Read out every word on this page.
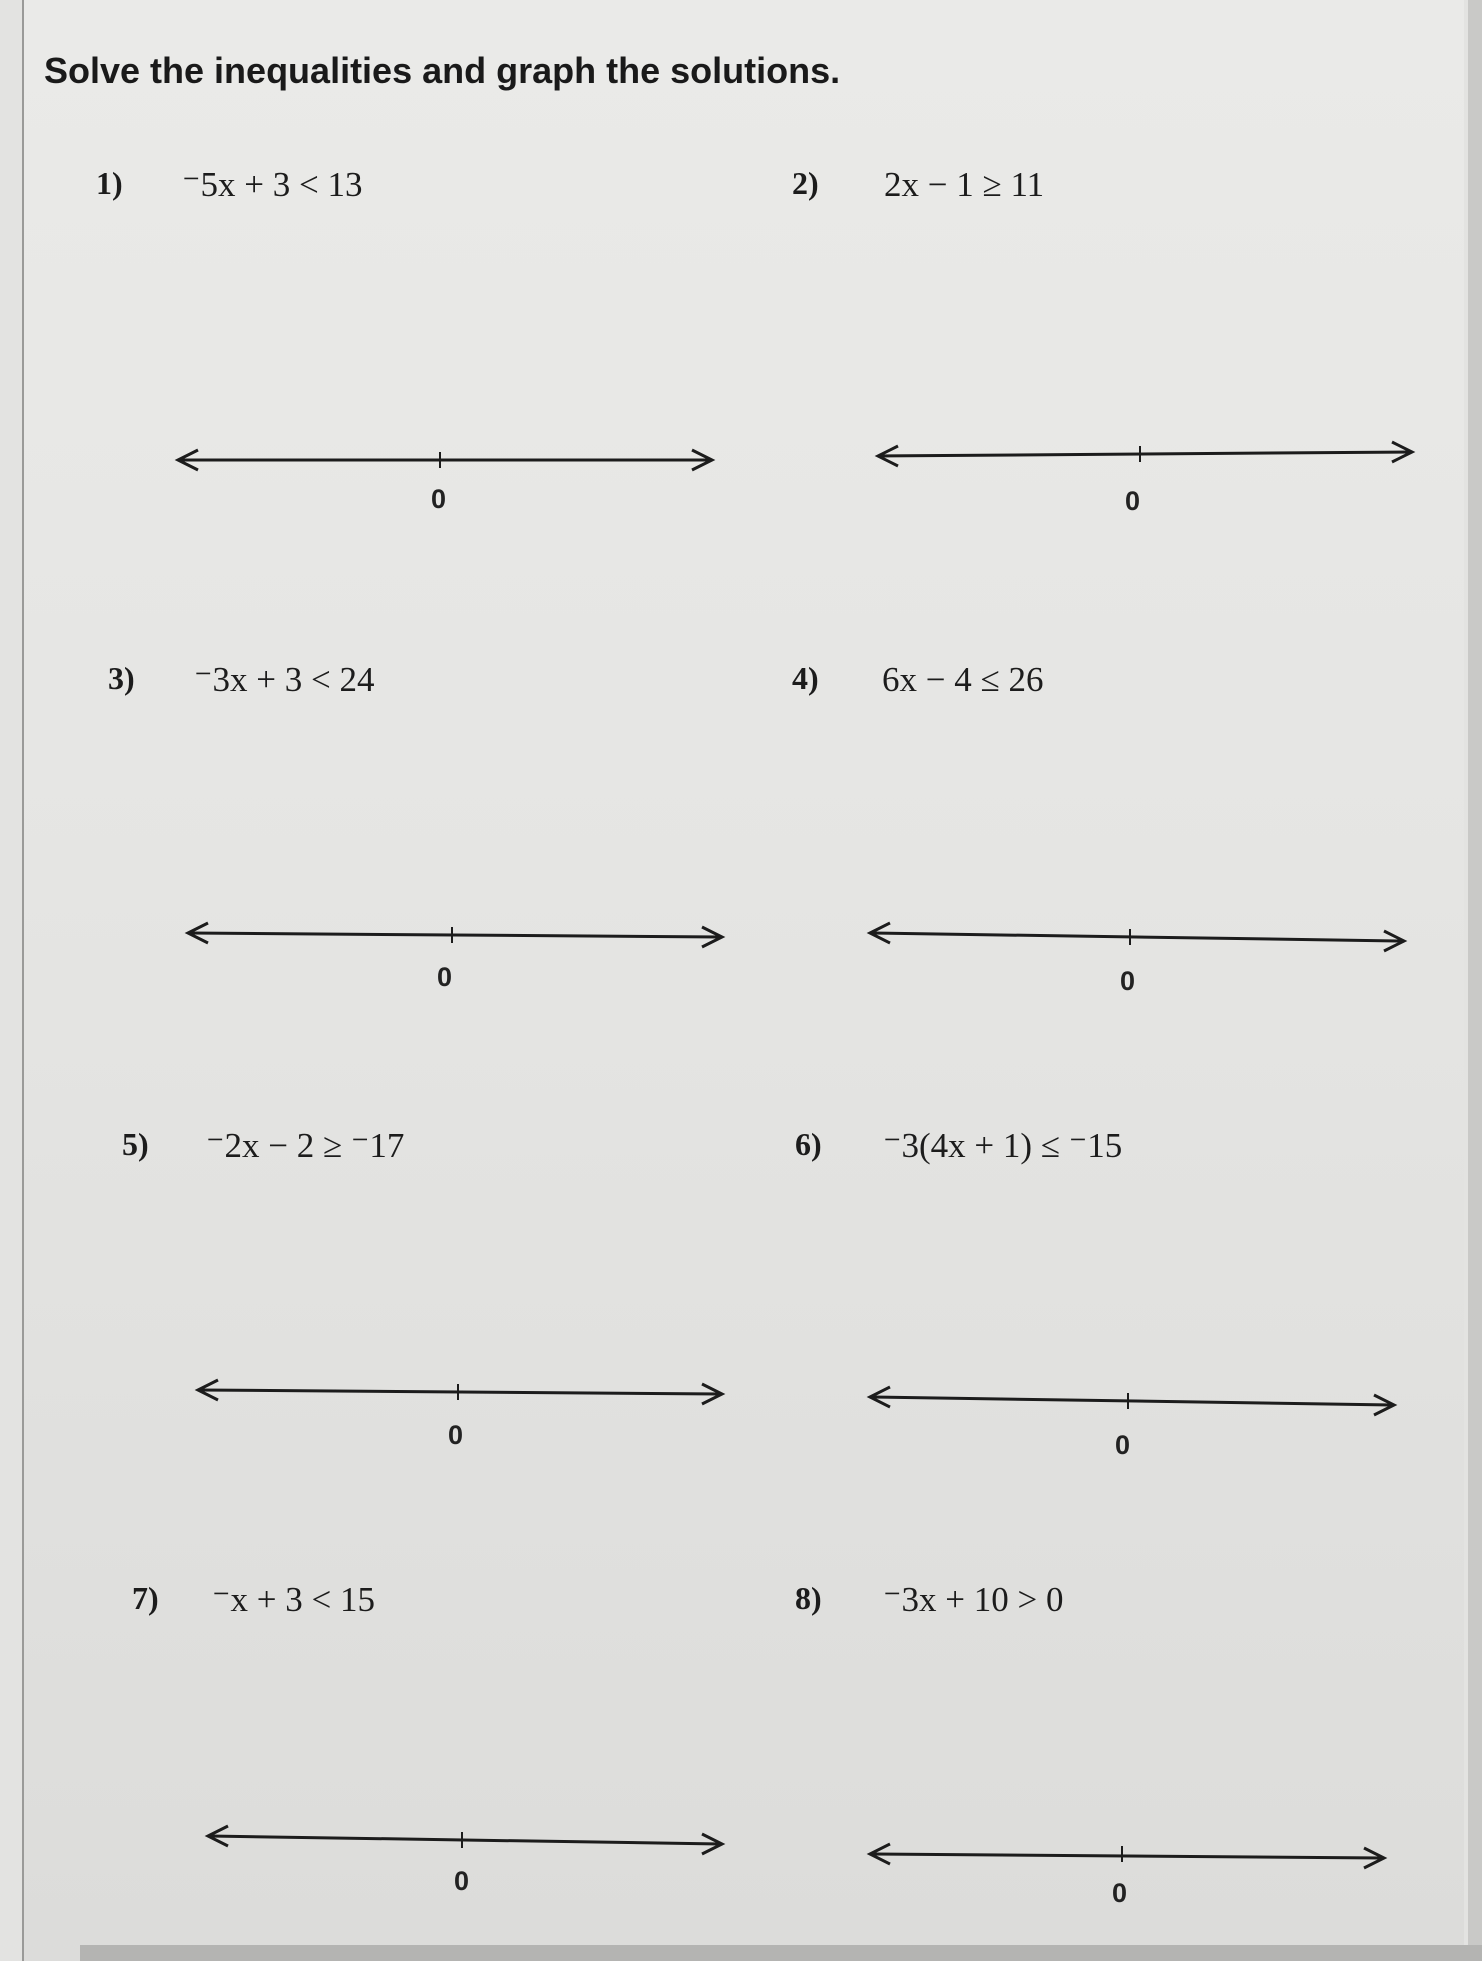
Solve the inequalities and graph the solutions.
1) ⁻5x + 3 < 13
0
2) 2x − 1 ≥ 11
0
3) ⁻3x + 3 < 24
0
4) 6x − 4 ≤ 26
0
5) ⁻2x − 2 ≥ ⁻17
0
6) ⁻3(4x + 1) ≤ ⁻15
0
7) ⁻x + 3 < 15
0
8) ⁻3x + 10 > 0
0
